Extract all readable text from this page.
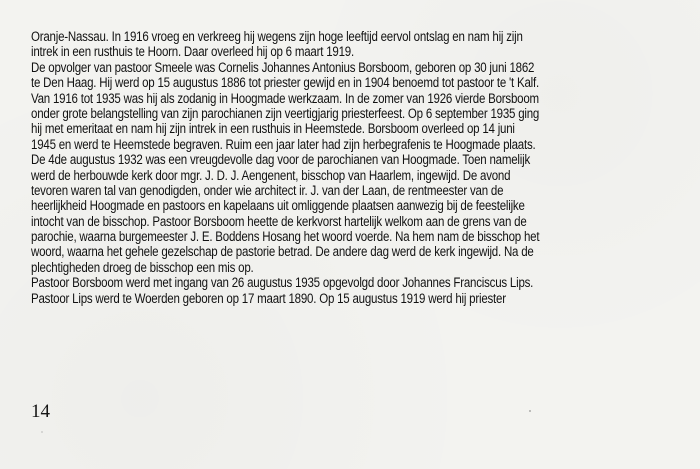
Oranje-Nassau. In 1916 vroeg en verkreeg hij wegens zijn hoge leeftijd eervol ontslag en nam hij zijn
intrek in een rusthuis te Hoorn. Daar overleed hij op 6 maart 1919.
De opvolger van pastoor Smeele was Cornelis Johannes Antonius Borsboom, geboren op 30 juni 1862
te Den Haag. Hij werd op 15 augustus 1886 tot priester gewijd en in 1904 benoemd tot pastoor te 't Kalf.
Van 1916 tot 1935 was hij als zodanig in Hoogmade werkzaam. In de zomer van 1926 vierde Borsboom
onder grote belangstelling van zijn parochianen zijn veertigjarig priesterfeest. Op 6 september 1935 ging
hij met emeritaat en nam hij zijn intrek in een rusthuis in Heemstede. Borsboom overleed op 14 juni
1945 en werd te Heemstede begraven. Ruim een jaar later had zijn herbegrafenis te Hoogmade plaats.
De 4de augustus 1932 was een vreugdevolle dag voor de parochianen van Hoogmade. Toen namelijk
werd de herbouwde kerk door mgr. J. D. J. Aengenent, bisschop van Haarlem, ingewijd. De avond
tevoren waren tal van genodigden, onder wie architect ir. J. van der Laan, de rentmeester van de
heerlijkheid Hoogmade en pastoors en kapelaans uit omliggende plaatsen aanwezig bij de feestelijke
intocht van de bisschop. Pastoor Borsboom heette de kerkvorst hartelijk welkom aan de grens van de
parochie, waarna burgemeester J. E. Boddens Hosang het woord voerde. Na hem nam de bisschop het
woord, waarna het gehele gezelschap de pastorie betrad. De andere dag werd de kerk ingewijd. Na de
plechtigheden droeg de bisschop een mis op.
Pastoor Borsboom werd met ingang van 26 augustus 1935 opgevolgd door Johannes Franciscus Lips.
Pastoor Lips werd te Woerden geboren op 17 maart 1890. Op 15 augustus 1919 werd hij priester
14
